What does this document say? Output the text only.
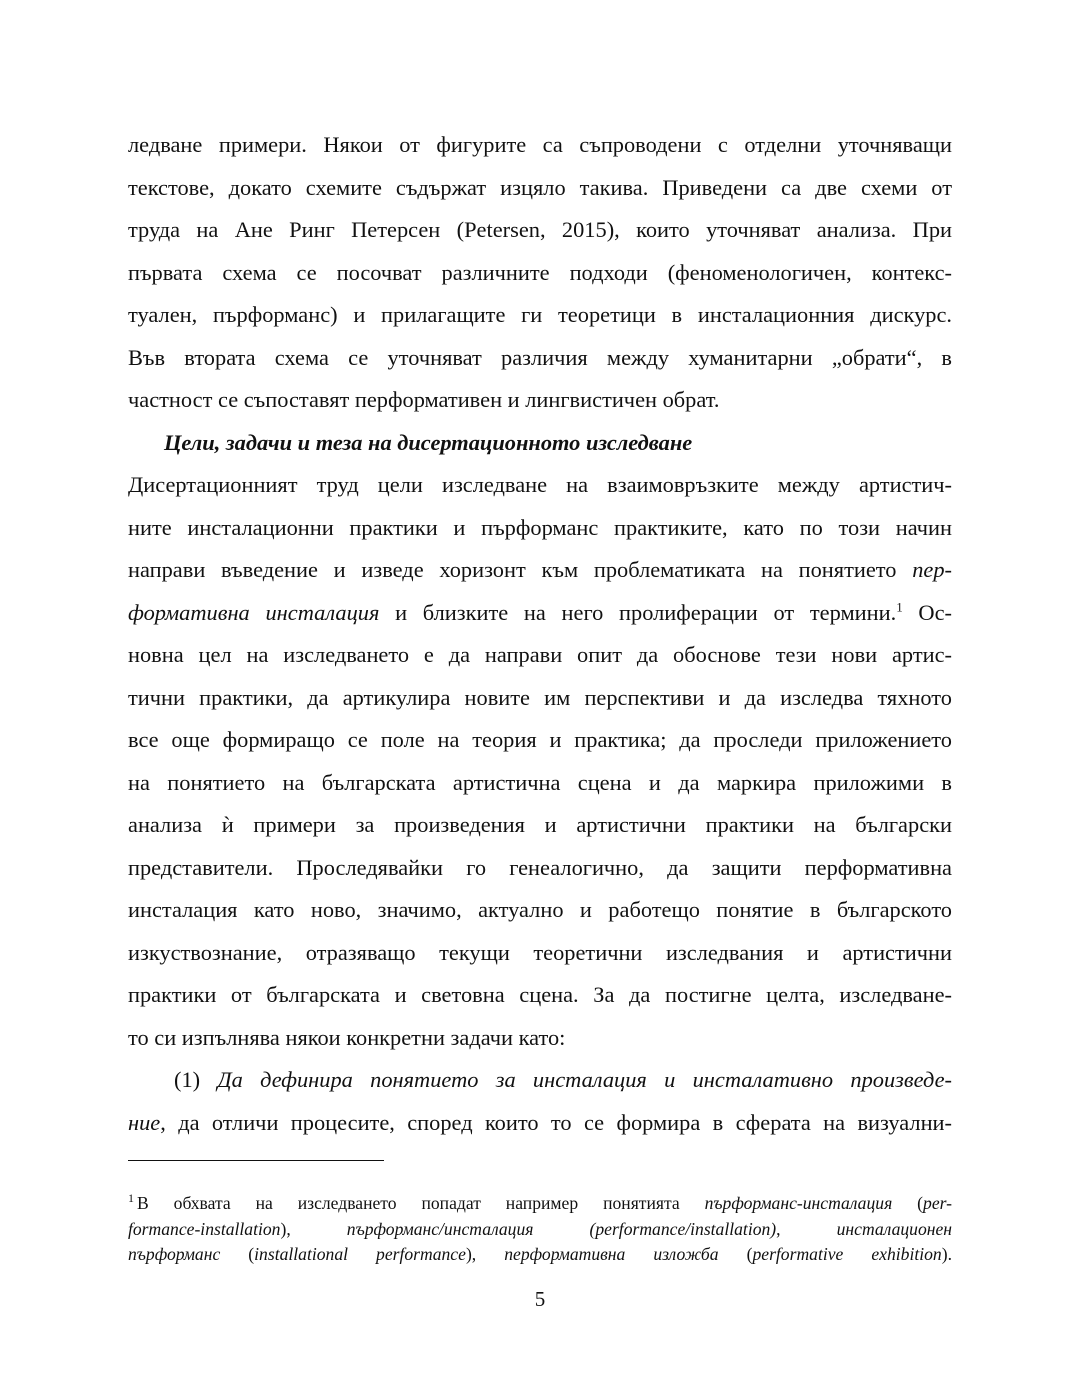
ледване примери. Някои от фигурите са съпроводени с отделни уточняващи
текстове, докато схемите съдържат изцяло такива. Приведени са две схеми от
труда на Ане Ринг Петерсен (Petersen, 2015), които уточняват анализа. При
първата схема се посочват различните подходи (феноменологичен, контекс-
туален, пърформанс) и прилагащите ги теоретици в инсталационния дискурс.
Във втората схема се уточняват различия между хуманитарни „обрати“, в
частност се съпоставят перформативен и лингвистичен обрат.
Цели, задачи и теза на дисертационното изследване
Дисертационният труд цели изследване на взаимовръзките между артистич-
ните инсталационни практики и пърформанс практиките, като по този начин
направи въведение и изведе хоризонт към проблематиката на понятието пер-
формативна инсталация и близките на него пролиферации от термини.$^1$ Ос-
новна цел на изследването е да направи опит да обоснове тези нови артис-
тични практики, да артикулира новите им перспективи и да изследва тяхното
все още формиращо се поле на теория и практика; да проследи приложението
на понятието на българската артистична сцена и да маркира приложими в
анализа ѝ примери за произведения и артистични практики на български
представители. Проследявайки го генеалогично, да защити перформативна
инсталация като ново, значимо, актуално и работещо понятие в българското
изкуствознание, отразяващо текущи теоретични изследвания и артистични
практики от българската и световна сцена. За да постигне целта, изследване-
то си изпълнява някои конкретни задачи като:
(1) Да дефинира понятието за инсталация и инсталативно произведе-
ние, да отличи процесите, според които то се формира в сферата на визуални-
$^1$ В обхвата на изследването попадат например понятията пърформанс-инсталация (per-
formance-installation), пърформанс/инсталация (performance/installation), инсталационен
пърформанс (installational performance), перформативна изложба (performative exhibition).
5
